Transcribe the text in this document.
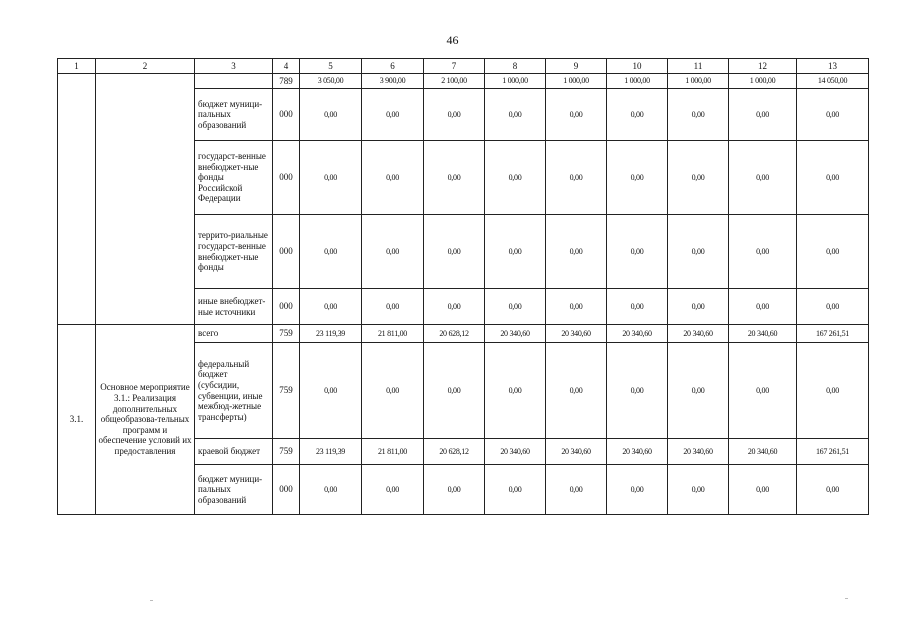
46
1	2	3	4	5	6	7	8	9	10	11	12	13
			789	3 050,00	3 900,00	2 100,00	1 000,00	1 000,00	1 000,00	1 000,00	1 000,00	14 050,00
		бюджет муници-пальных образований	000	0,00	0,00	0,00	0,00	0,00	0,00	0,00	0,00	0,00
		государст-венные внебюджет-ные фонды Российской Федерации	000	0,00	0,00	0,00	0,00	0,00	0,00	0,00	0,00	0,00
		террито-риальные государст-венные внебюджет-ные фонды	000	0,00	0,00	0,00	0,00	0,00	0,00	0,00	0,00	0,00
		иные внебюджет-ные источники	000	0,00	0,00	0,00	0,00	0,00	0,00	0,00	0,00	0,00
3.1.	Основное мероприятие 3.1.: Реализация дополнительных общеобразова-тельных программ и обеспечение условий их предоставления	всего	759	23 119,39	21 811,00	20 628,12	20 340,60	20 340,60	20 340,60	20 340,60	20 340,60	167 261,51
		федеральный бюджет (субсидии, субвенции, иные межбюд-жетные трансферты)	759	0,00	0,00	0,00	0,00	0,00	0,00	0,00	0,00	0,00
		краевой бюджет	759	23 119,39	21 811,00	20 628,12	20 340,60	20 340,60	20 340,60	20 340,60	20 340,60	167 261,51
		бюджет муници-пальных образований	000	0,00	0,00	0,00	0,00	0,00	0,00	0,00	0,00	0,00
